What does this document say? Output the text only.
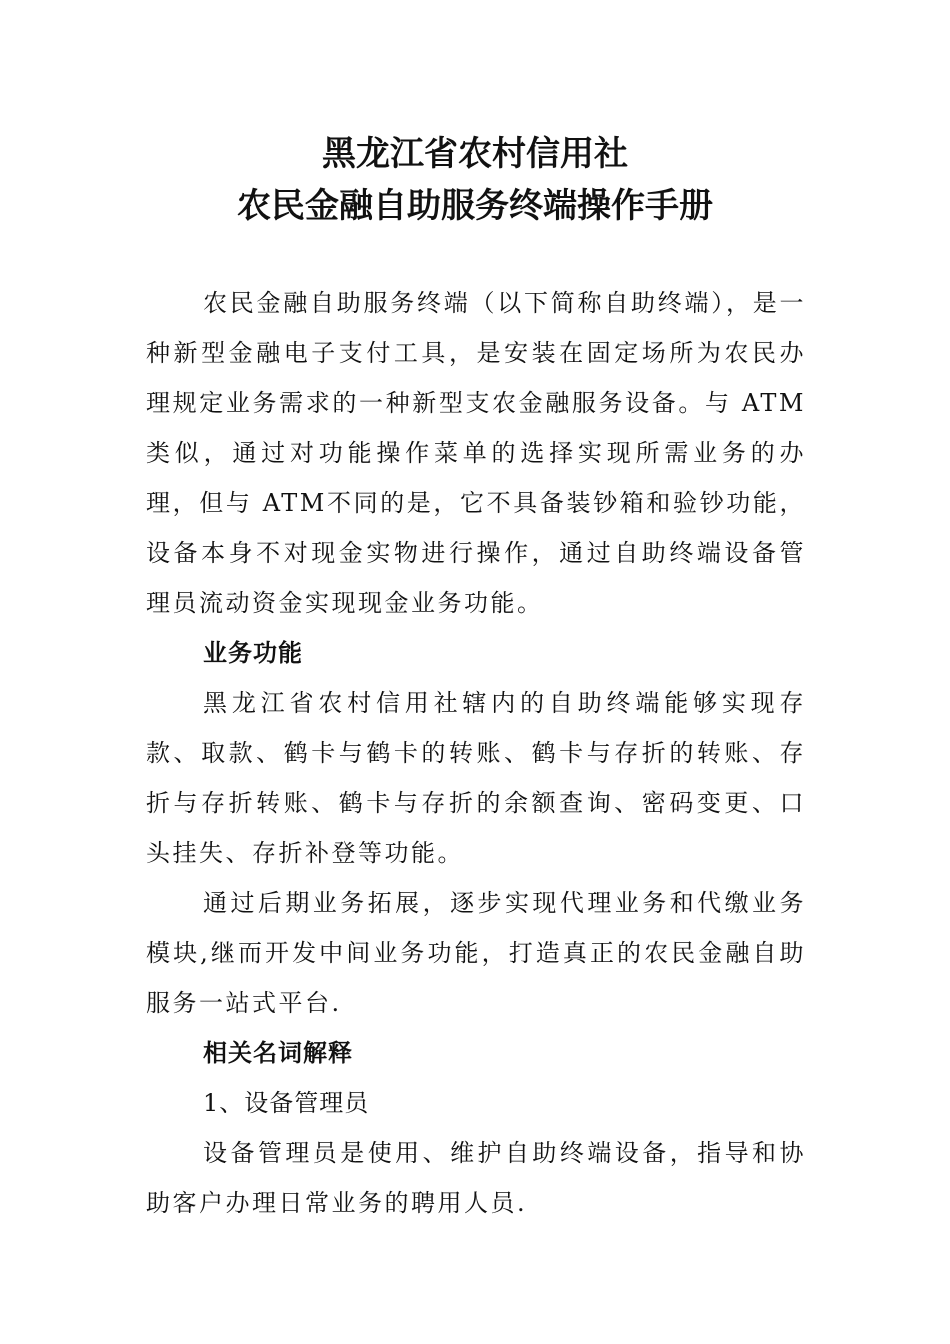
黑龙江省农村信用社
农民金融自助服务终端操作手册

农民金融自助服务终端（以下简称自助终端），是一种新型金融电子支付工具，是安装在固定场所为农民办理规定业务需求的一种新型支农金融服务设备。与 ATM类似，通过对功能操作菜单的选择实现所需业务的办理，但与 ATM不同的是，它不具备装钞箱和验钞功能，设备本身不对现金实物进行操作，通过自助终端设备管理员流动资金实现现金业务功能。

业务功能

黑龙江省农村信用社辖内的自助终端能够实现存款、取款、鹤卡与鹤卡的转账、鹤卡与存折的转账、存折与存折转账、鹤卡与存折的余额查询、密码变更、口头挂失、存折补登等功能。

通过后期业务拓展，逐步实现代理业务和代缴业务模块,继而开发中间业务功能，打造真正的农民金融自助服务一站式平台.

相关名词解释

1、设备管理员

设备管理员是使用、维护自助终端设备，指导和协助客户办理日常业务的聘用人员.
